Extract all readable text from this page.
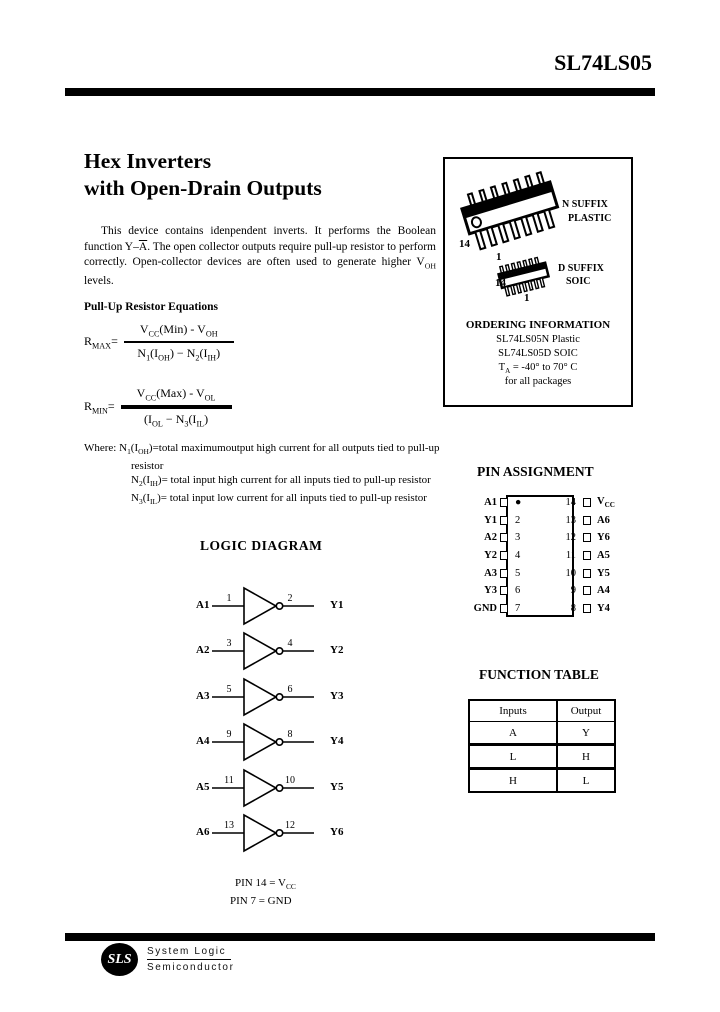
SL74LS05
Hex Inverters
with Open-Drain Outputs

This device contains idenpendent inverts. It performs the Boolean function $Y-\overline{A}$. The open collector outputs require pull-up resistor to perform correctly. Open-collector devices are often used to generate higher $V_{OH}$ levels.

Pull-Up Resistor Equations
$R_{MAX}= \frac{V_{CC}(Min) - V_{OH}}{N_1(I_{OH}) - N_2(I_{IH})}$
$R_{MIN}= \frac{V_{CC}(Max) - V_{OL}}{(I_{OL} - N_3(I_{IL})}$

Where: $N_1(I_{OH})=total$ maximumoutput high current for all outputs tied to pull-up resistor

$N_2(I_{IH})=$ total input high current for all inputs tied to pull-up resistor

$N_3(I_{IL})=$ total input low current for all inputs tied to pull-up resistor

14
1
N SUFFIX
PLASTIC
14
1
D SUFFIX
SOIC
ORDERING INFORMATION
SL74LS05N Plastic
SL74LS05D SOIC
$T_A = -40^\circ$ to 70° C
for all packages
PIN ASSIGNMENT
A1	●	14	$V_{CC}$
Y1	2	13	A6
A2	3	12	Y6
Y2	4	11	A5
A3	5	10	Y5
Y3	6	9	A4
GND	7	8	Y4
LOGIC DIAGRAM
A1
1	2
Y1
A2
3	4
Y2
A3
5	6
Y3
A4
9	8
Y4
A5
11	10
Y5
A6
13	12
Y6
PIN $14 = V_{CC}$
PIN 7 = GND
FUNCTION TABLE
Inputs	Output
A	Y
L	H
H	L
SLS System Logic
Semiconductor
